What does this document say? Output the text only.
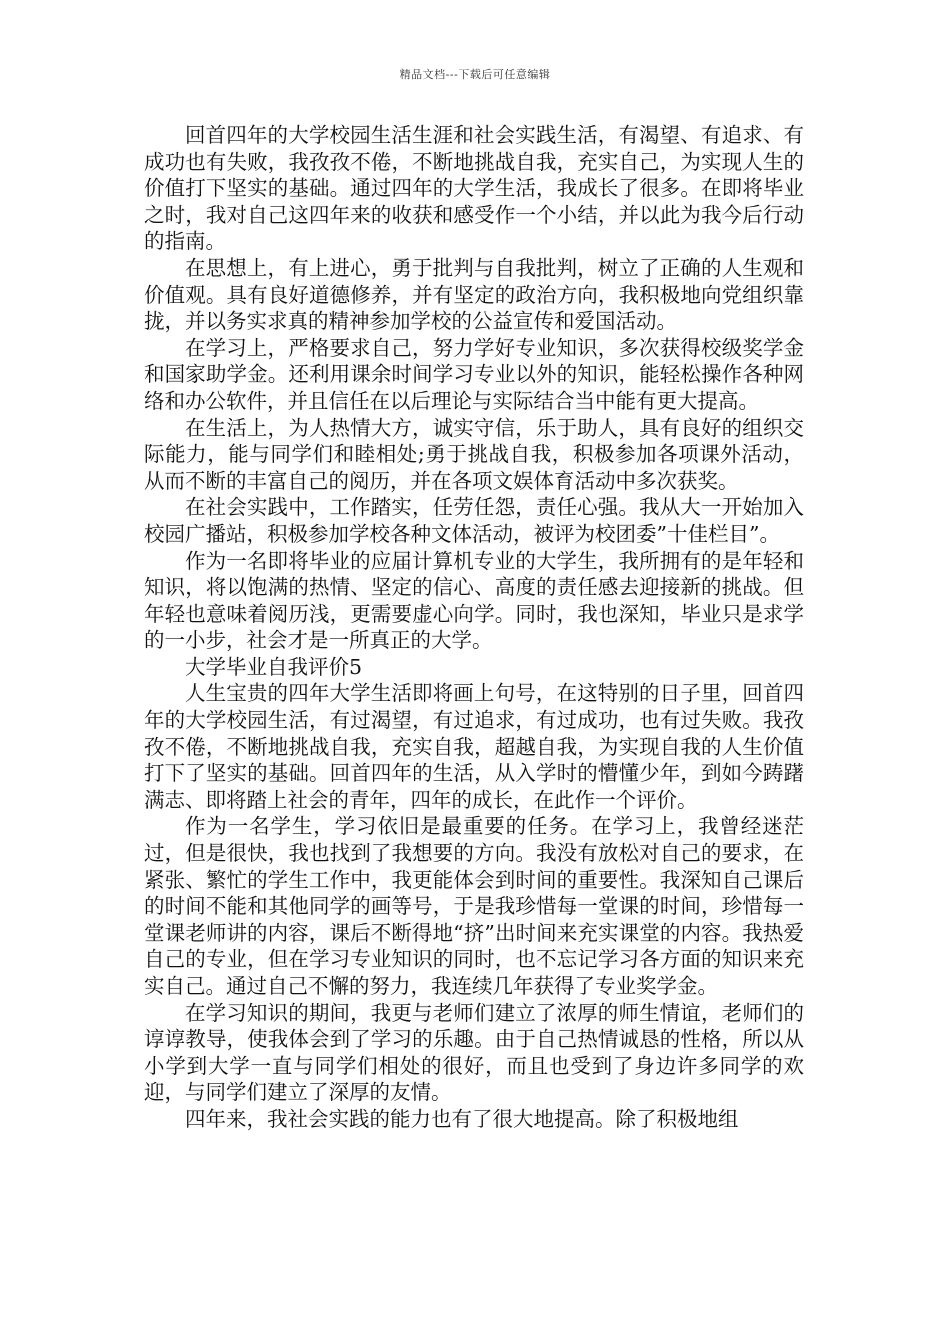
精品文档---下载后可任意编辑

回首四年的大学校园生活生涯和社会实践生活，有渴望、有追求、有成功也有失败，我孜孜不倦，不断地挑战自我，充实自己，为实现人生的价值打下坚实的基础。通过四年的大学生活，我成长了很多。在即将毕业之时，我对自己这四年来的收获和感受作一个小结，并以此为我今后行动的指南。

在思想上，有上进心，勇于批判与自我批判，树立了正确的人生观和价值观。具有良好道德修养，并有坚定的政治方向，我积极地向党组织靠拢，并以务实求真的精神参加学校的公益宣传和爱国活动。

在学习上，严格要求自己，努力学好专业知识，多次获得校级奖学金和国家助学金。还利用课余时间学习专业以外的知识，能轻松操作各种网络和办公软件，并且信任在以后理论与实际结合当中能有更大提高。

在生活上，为人热情大方，诚实守信，乐于助人，具有良好的组织交际能力，能与同学们和睦相处;勇于挑战自我，积极参加各项课外活动，从而不断的丰富自己的阅历，并在各项文娱体育活动中多次获奖。

在社会实践中，工作踏实，任劳任怨，责任心强。我从大一开始加入校园广播站，积极参加学校各种文体活动，被评为校团委”十佳栏目”。

作为一名即将毕业的应届计算机专业的大学生，我所拥有的是年轻和知识，将以饱满的热情、坚定的信心、高度的责任感去迎接新的挑战。但年轻也意味着阅历浅，更需要虚心向学。同时，我也深知，毕业只是求学的一小步，社会才是一所真正的大学。

大学毕业自我评价5

人生宝贵的四年大学生活即将画上句号，在这特别的日子里，回首四年的大学校园生活，有过渴望，有过追求，有过成功，也有过失败。我孜孜不倦，不断地挑战自我，充实自我，超越自我，为实现自我的人生价值打下了坚实的基础。回首四年的生活，从入学时的懵懂少年，到如今踌躇满志、即将踏上社会的青年，四年的成长，在此作一个评价。

作为一名学生，学习依旧是最重要的任务。在学习上，我曾经迷茫过，但是很快，我也找到了我想要的方向。我没有放松对自己的要求，在紧张、繁忙的学生工作中，我更能体会到时间的重要性。我深知自己课后的时间不能和其他同学的画等号，于是我珍惜每一堂课的时间，珍惜每一堂课老师讲的内容，课后不断得地“挤”出时间来充实课堂的内容。我热爱自己的专业，但在学习专业知识的同时，也不忘记学习各方面的知识来充实自己。通过自己不懈的努力，我连续几年获得了专业奖学金。

在学习知识的期间，我更与老师们建立了浓厚的师生情谊，老师们的谆谆教导，使我体会到了学习的乐趣。由于自己热情诚恳的性格，所以从小学到大学一直与同学们相处的很好，而且也受到了身边许多同学的欢迎，与同学们建立了深厚的友情。

四年来，我社会实践的能力也有了很大地提高。除了积极地组
